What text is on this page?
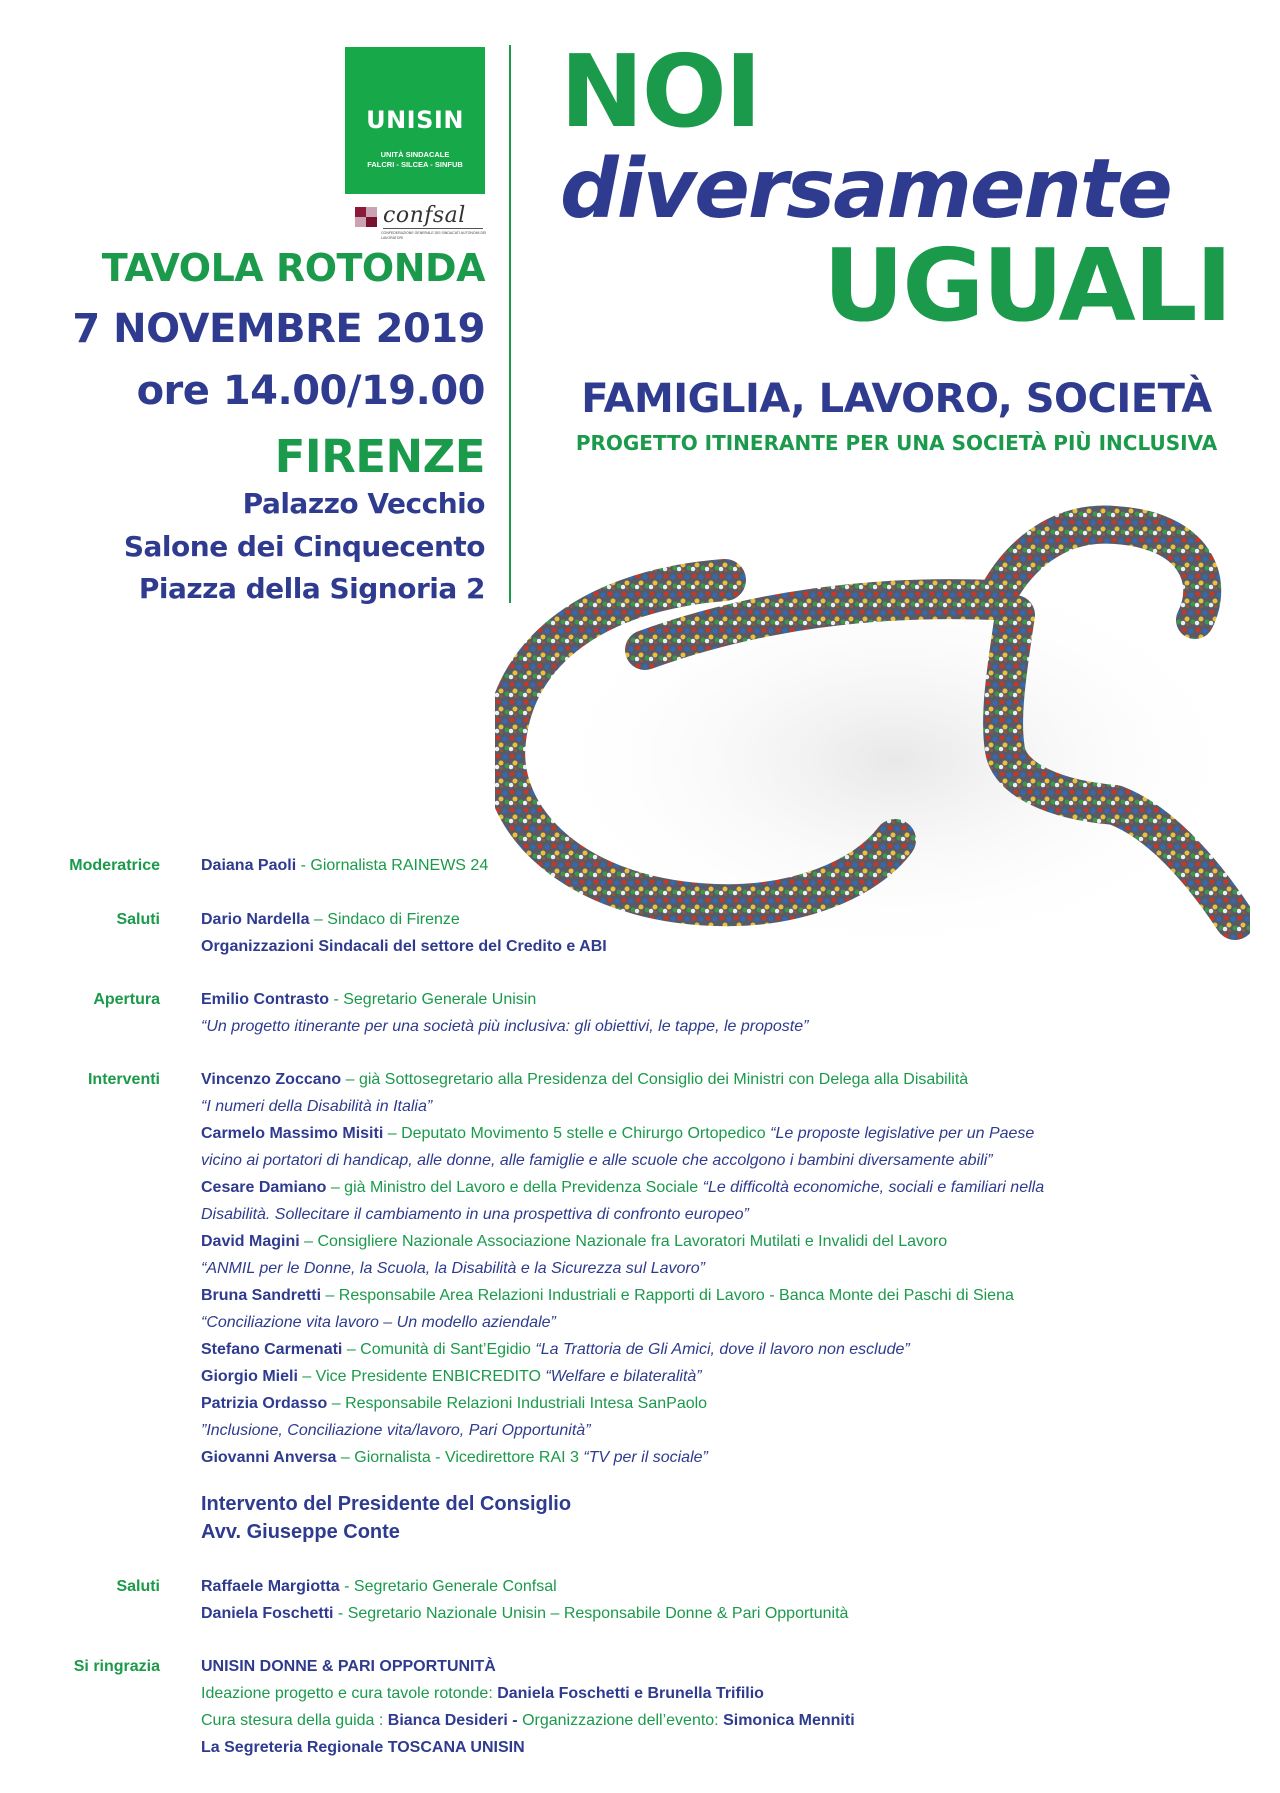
UNISIN
UNITÀ SINDACALE
FALCRI - SILCEA - SINFUB
confsal
CONFEDERAZIONE GENERALE DEI SINDACATI AUTONOMI DEI LAVORATORI
TAVOLA ROTONDA
7 NOVEMBRE 2019
ore 14.00/19.00
FIRENZE
Palazzo Vecchio
Salone dei Cinquecento
Piazza della Signoria 2
NOI
diversamente
UGUALI
FAMIGLIA, LAVORO, SOCIETÀ
PROGETTO ITINERANTE PER UNA SOCIETÀ PIÙ INCLUSIVA
Moderatrice	Daiana Paoli - Giornalista RAINEWS 24
Saluti	Dario Nardella – Sindaco di Firenze
Organizzazioni Sindacali del settore del Credito e ABI
Apertura	Emilio Contrasto - Segretario Generale Unisin
“Un progetto itinerante per una società più inclusiva: gli obiettivi, le tappe, le proposte”
Interventi	Vincenzo Zoccano – già Sottosegretario alla Presidenza del Consiglio dei Ministri con Delega alla Disabilità
“I numeri della Disabilità in Italia”
Carmelo Massimo Misiti – Deputato Movimento 5 stelle e Chirurgo Ortopedico “Le proposte legislative per un Paese
vicino ai portatori di handicap, alle donne, alle famiglie e alle scuole che accolgono i bambini diversamente abili”
Cesare Damiano – già Ministro del Lavoro e della Previdenza Sociale “Le difficoltà economiche, sociali e familiari nella
Disabilità. Sollecitare il cambiamento in una prospettiva di confronto europeo”
David Magini – Consigliere Nazionale Associazione Nazionale fra Lavoratori Mutilati e Invalidi del Lavoro
“ANMIL per le Donne, la Scuola, la Disabilità e la Sicurezza sul Lavoro”
Bruna Sandretti – Responsabile Area Relazioni Industriali e Rapporti di Lavoro - Banca Monte dei Paschi di Siena
“Conciliazione vita lavoro – Un modello aziendale”
Stefano Carmenati – Comunità di Sant’Egidio “La Trattoria de Gli Amici, dove il lavoro non esclude”
Giorgio Mieli – Vice Presidente ENBICREDITO “Welfare e bilateralità”
Patrizia Ordasso – Responsabile Relazioni Industriali Intesa SanPaolo
”Inclusione, Conciliazione vita/lavoro, Pari Opportunità”
Giovanni Anversa – Giornalista - Vicedirettore RAI 3 “TV per il sociale”
Intervento del Presidente del Consiglio
Avv. Giuseppe Conte
Saluti	Raffaele Margiotta - Segretario Generale Confsal
Daniela Foschetti - Segretario Nazionale Unisin – Responsabile Donne & Pari Opportunità
Si ringrazia	UNISIN DONNE & PARI OPPORTUNITÀ
Ideazione progetto e cura tavole rotonde: Daniela Foschetti e Brunella Trifilio
Cura stesura della guida : Bianca Desideri - Organizzazione dell’evento: Simonica Menniti
La Segreteria Regionale TOSCANA UNISIN
